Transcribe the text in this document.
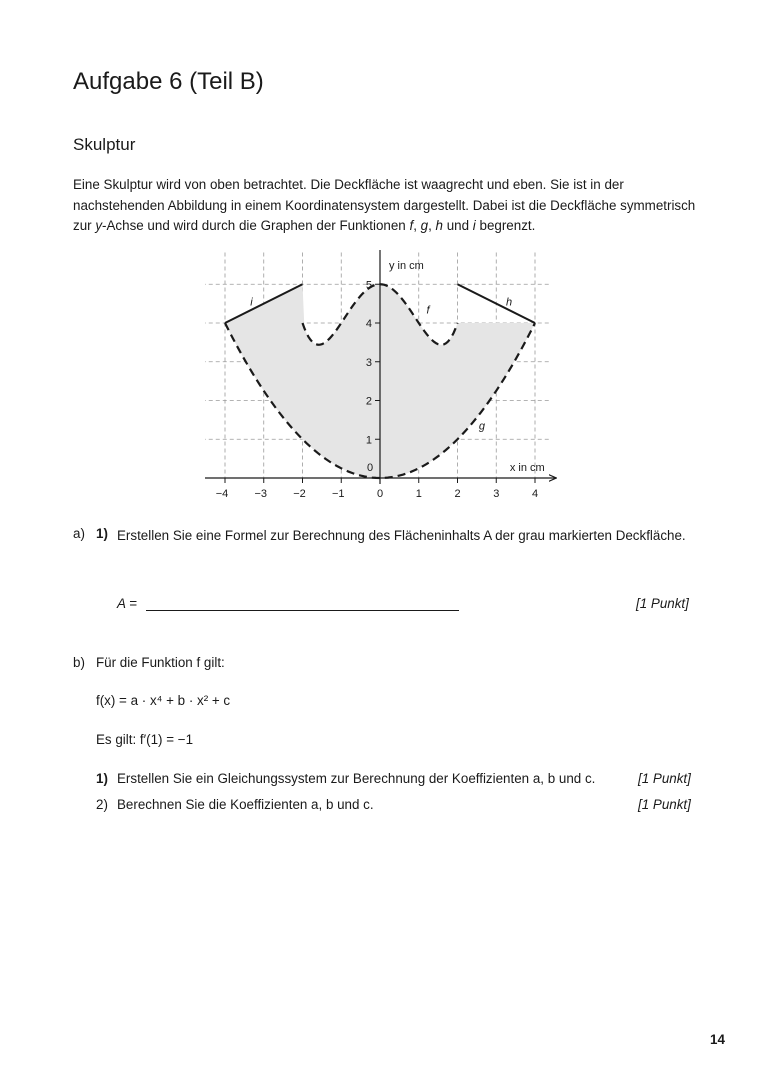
Aufgabe 6 (Teil B)
Skulptur
Eine Skulptur wird von oben betrachtet. Die Deckfläche ist waagrecht und eben. Sie ist in der nachstehenden Abbildung in einem Koordinatensystem dargestellt. Dabei ist die Deckfläche symmetrisch zur y-Achse und wird durch die Graphen der Funktionen f, g, h und i begrenzt.
−4 −3 −2 −1	0	1	2	3	4
1
2
3
4
5
y in cm
x in cm
0
i
f
h
g
a) 1) Erstellen Sie eine Formel zur Berechnung des Flächeninhalts A der grau markierten Deckfläche.
A =	[1 Punkt]
b) Für die Funktion f gilt:
f(x) = a · x⁴ + b · x² + c
Es gilt: f′(1) = −1
1) Erstellen Sie ein Gleichungssystem zur Berechnung der Koeffizienten a, b und c.	[1 Punkt]
2) Berechnen Sie die Koeffizienten a, b und c.	[1 Punkt]
14
